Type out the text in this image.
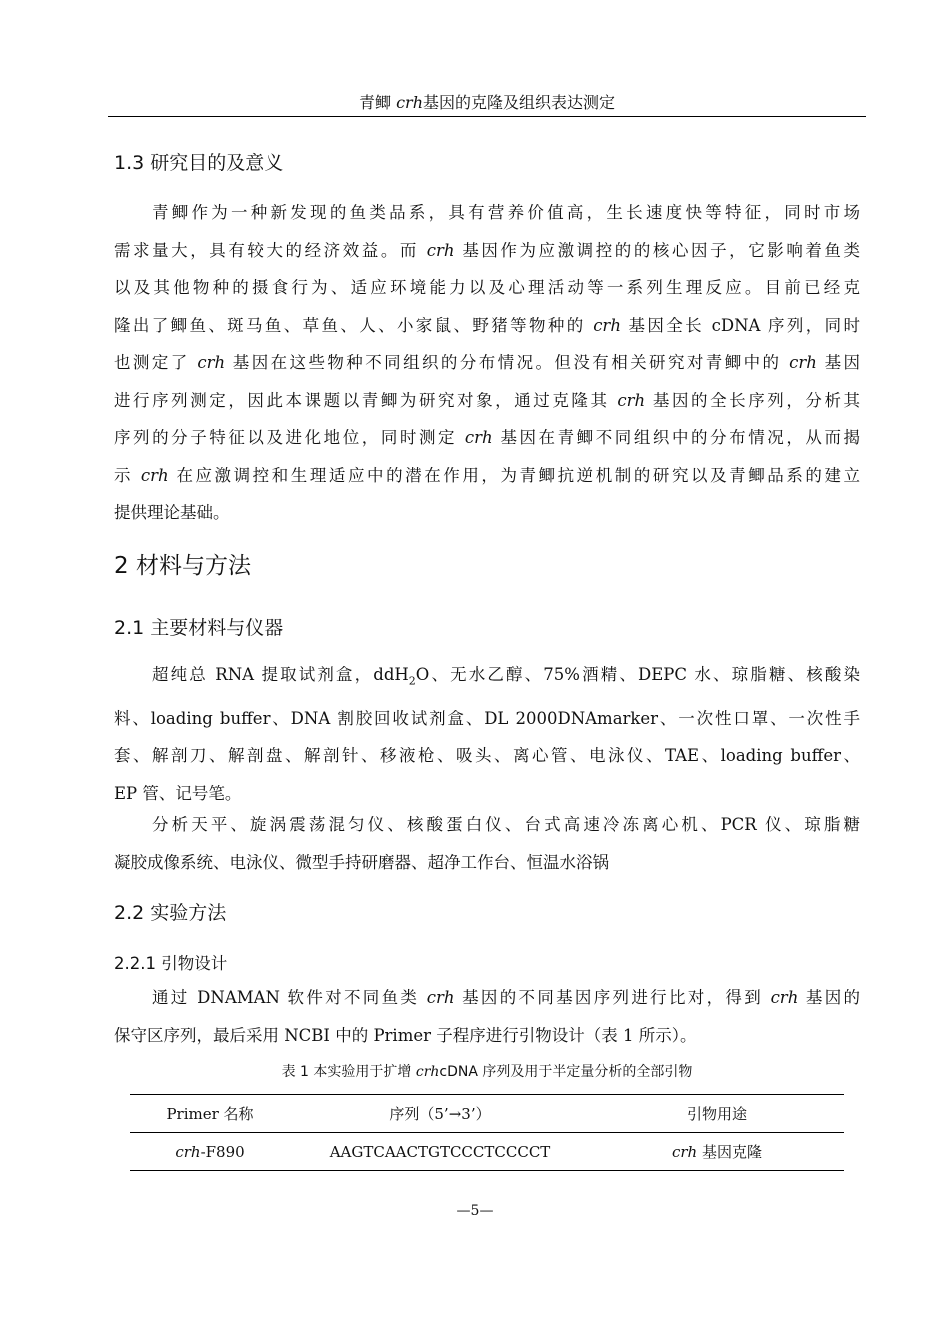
青鲫 crh基因的克隆及组织表达测定
1.3 研究目的及意义
青鲫作为一种新发现的鱼类品系，具有营养价值高，生长速度快等特征，同时市场
需求量大，具有较大的经济效益。而 crh 基因作为应激调控的的核心因子，它影响着鱼类
以及其他物种的摄食行为、适应环境能力以及心理活动等一系列生理反应。目前已经克
隆出了鲫鱼、斑马鱼、草鱼、人、小家鼠、野猪等物种的 crh 基因全长 cDNA 序列，同时
也测定了 crh 基因在这些物种不同组织的分布情况。但没有相关研究对青鲫中的 crh 基因
进行序列测定，因此本课题以青鲫为研究对象，通过克隆其 crh 基因的全长序列，分析其
序列的分子特征以及进化地位，同时测定 crh 基因在青鲫不同组织中的分布情况，从而揭
示 crh 在应激调控和生理适应中的潜在作用，为青鲫抗逆机制的研究以及青鲫品系的建立
提供理论基础。
2 材料与方法
2.1 主要材料与仪器
超纯总 RNA 提取试剂盒，ddH$_2$O、无水乙醇、75%酒精、DEPC 水、琼脂糖、核酸染
料、loading buffer、DNA 割胶回收试剂盒、DL 2000DNAmarker、一次性口罩、一次性手
套、解剖刀、解剖盘、解剖针、移液枪、吸头、离心管、电泳仪、TAE、loading buffer、
EP 管、记号笔。
分析天平、旋涡震荡混匀仪、核酸蛋白仪、台式高速冷冻离心机、PCR 仪、琼脂糖
凝胶成像系统、电泳仪、微型手持研磨器、超净工作台、恒温水浴锅
2.2 实验方法
2.2.1 引物设计
通过 DNAMAN 软件对不同鱼类 crh 基因的不同基因序列进行比对，得到 crh 基因的
保守区序列，最后采用 NCBI 中的 Primer 子程序进行引物设计（表 1 所示）。
表 1 本实验用于扩增 crhcDNA 序列及用于半定量分析的全部引物
Primer 名称	序列（5’→3’）	引物用途
crh-F890	AAGTCAACTGTCCCTCCCCT	crh 基因克隆
—5—
